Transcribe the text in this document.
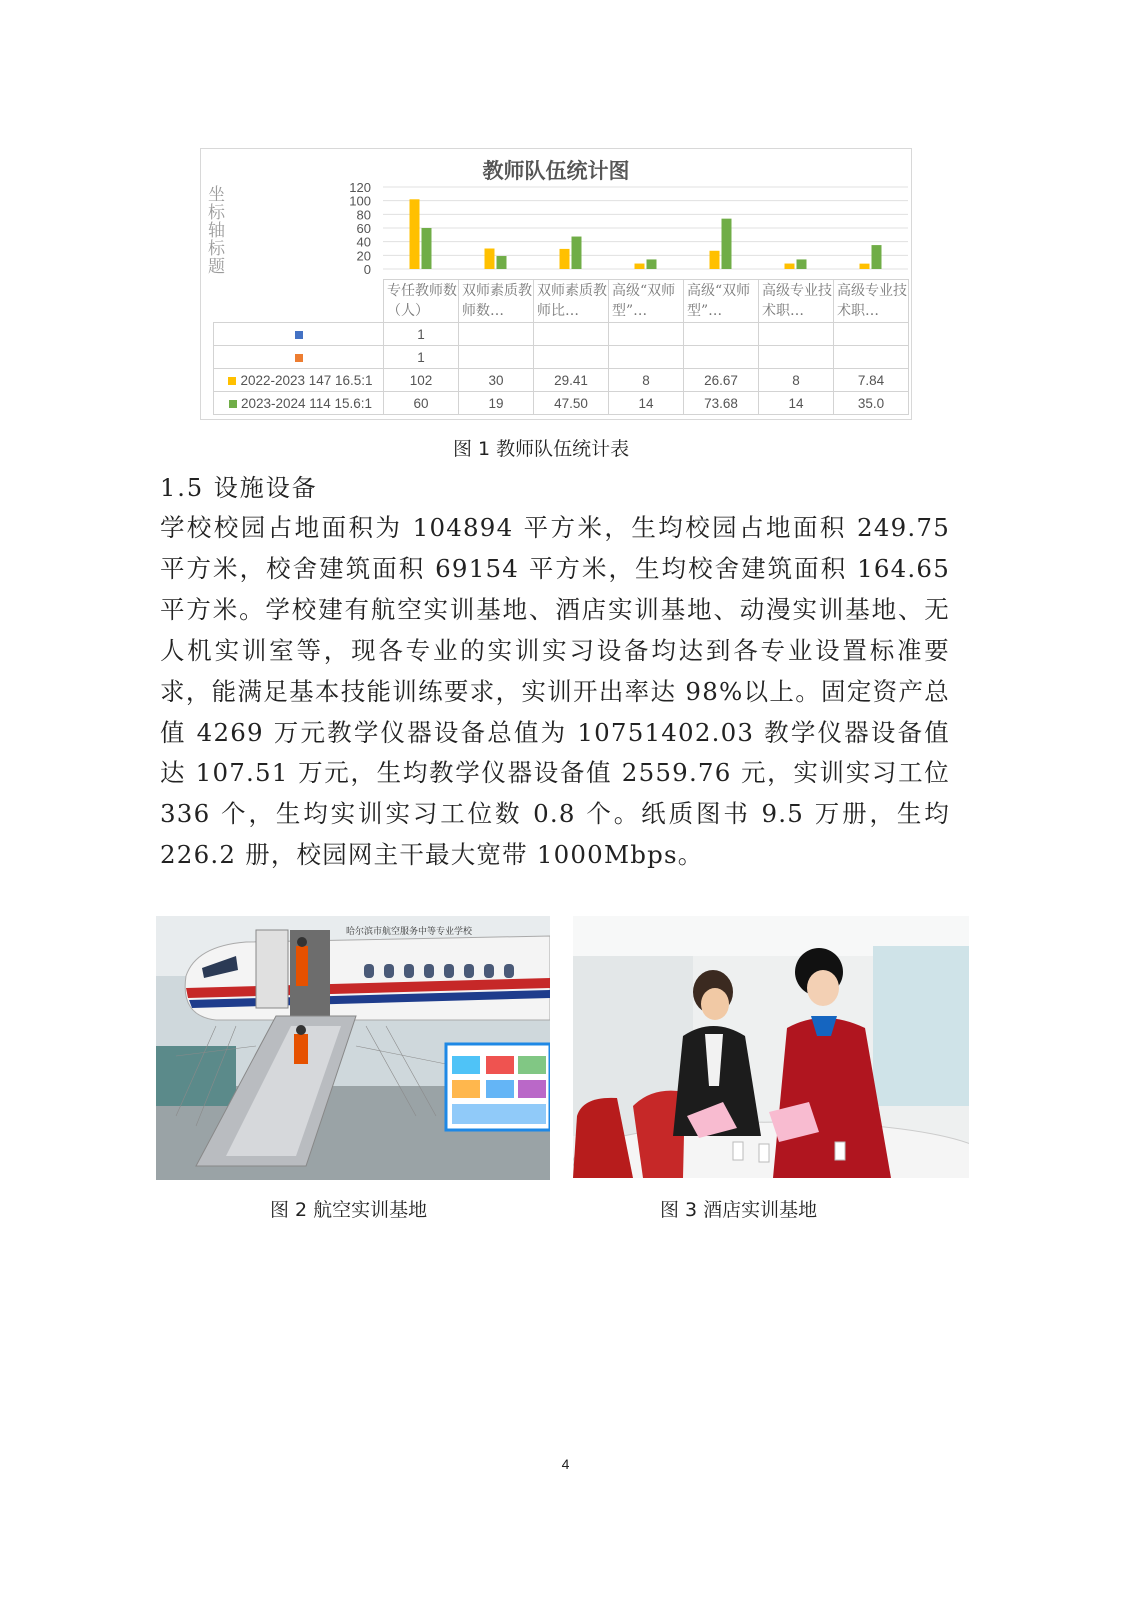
教师队伍统计图
坐标轴标题	120
100
80
60
40
20
0
	专任教师数（人）	双师素质教师数…	双师素质教师比…	高级“双师型”…	高级“双师型”…	高级专业技术职…	高级专业技术职…
	1						
	1						
2022-2023 147 16.5:1	102	30	29.41	8	26.67	8	7.84
2023-2024 114 15.6:1	60	19	47.50	14	73.68	14	35.0
图 1 教师队伍统计表
1.5 设施设备
学校校园占地面积为 104894 平方米，生均校园占地面积 249.75 平方米，校舍建筑面积 69154 平方米，生均校舍建筑面积 164.65 平方米。学校建有航空实训基地、酒店实训基地、动漫实训基地、无人机实训室等，现各专业的实训实习设备均达到各专业设置标准要求，能满足基本技能训练要求，实训开出率达 98%以上。固定资产总值 4269 万元教学仪器设备总值为 10751402.03 教学仪器设备值达 107.51 万元，生均教学仪器设备值 2559.76 元，实训实习工位 336 个，生均实训实习工位数 0.8 个。纸质图书 9.5 万册，生均 226.2 册，校园网主干最大宽带 1000Mbps。
哈尔滨市航空服务中等专业学校
图 2 航空实训基地	图 3 酒店实训基地
4
